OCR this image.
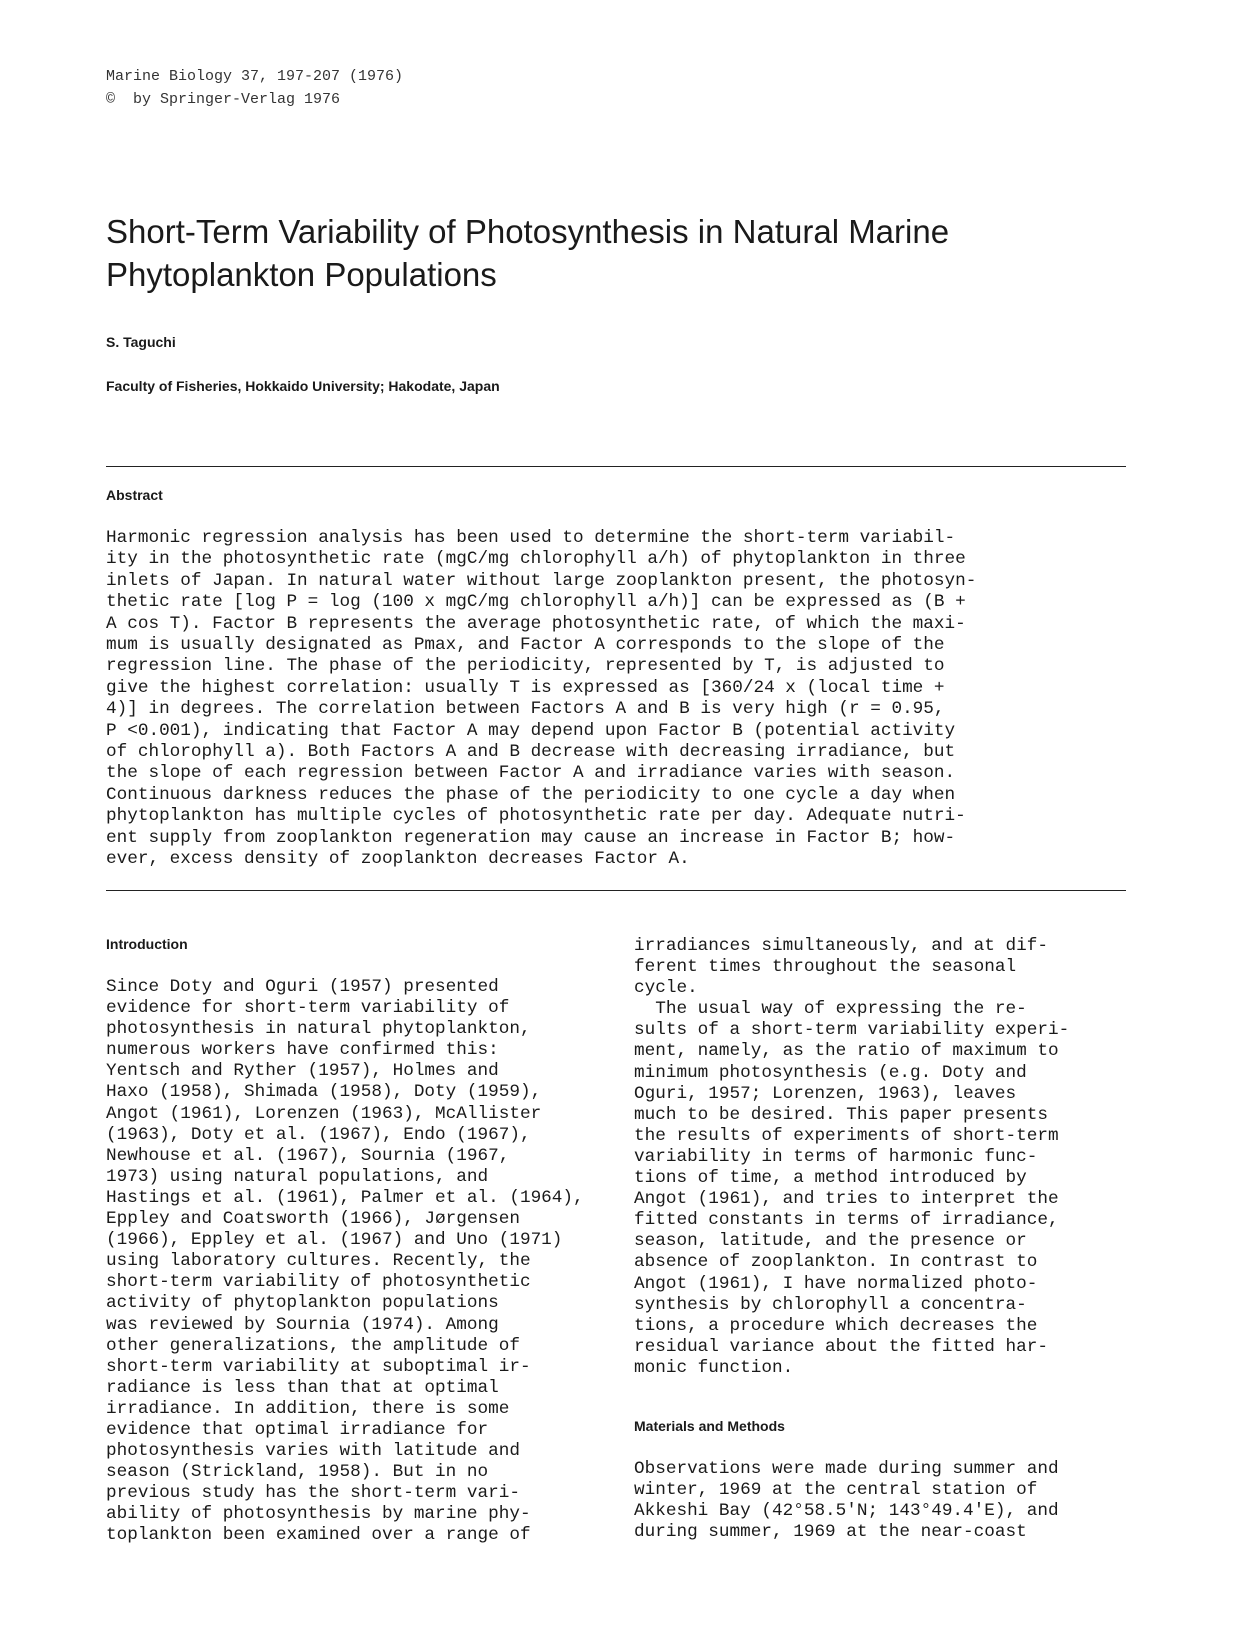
Marine Biology 37, 197-207 (1976)
©  by Springer-Verlag 1976
Short-Term Variability of Photosynthesis in Natural Marine Phytoplankton Populations
S. Taguchi
Faculty of Fisheries, Hokkaido University; Hakodate, Japan
Abstract

Harmonic regression analysis has been used to determine the short-term variabil-
ity in the photosynthetic rate (mgC/mg chlorophyll a/h) of phytoplankton in three
inlets of Japan. In natural water without large zooplankton present, the photosyn-
thetic rate [log P = log (100 x mgC/mg chlorophyll a/h)] can be expressed as (B +
A cos T). Factor B represents the average photosynthetic rate, of which the maxi-
mum is usually designated as Pmax, and Factor A corresponds to the slope of the
regression line. The phase of the periodicity, represented by T, is adjusted to
give the highest correlation: usually T is expressed as [360/24 x (local time +
4)] in degrees. The correlation between Factors A and B is very high (r = 0.95,
P <0.001), indicating that Factor A may depend upon Factor B (potential activity
of chlorophyll a). Both Factors A and B decrease with decreasing irradiance, but
the slope of each regression between Factor A and irradiance varies with season.
Continuous darkness reduces the phase of the periodicity to one cycle a day when
phytoplankton has multiple cycles of photosynthetic rate per day. Adequate nutri-
ent supply from zooplankton regeneration may cause an increase in Factor B; how-
ever, excess density of zooplankton decreases Factor A.

Introduction

Since Doty and Oguri (1957) presented
evidence for short-term variability of
photosynthesis in natural phytoplankton,
numerous workers have confirmed this:
Yentsch and Ryther (1957), Holmes and
Haxo (1958), Shimada (1958), Doty (1959),
Angot (1961), Lorenzen (1963), McAllister
(1963), Doty et al. (1967), Endo (1967),
Newhouse et al. (1967), Sournia (1967,
1973) using natural populations, and
Hastings et al. (1961), Palmer et al. (1964),
Eppley and Coatsworth (1966), Jørgensen
(1966), Eppley et al. (1967) and Uno (1971)
using laboratory cultures. Recently, the
short-term variability of photosynthetic
activity of phytoplankton populations
was reviewed by Sournia (1974). Among
other generalizations, the amplitude of
short-term variability at suboptimal ir-
radiance is less than that at optimal
irradiance. In addition, there is some
evidence that optimal irradiance for
photosynthesis varies with latitude and
season (Strickland, 1958). But in no
previous study has the short-term vari-
ability of photosynthesis by marine phy-
toplankton been examined over a range of

irradiances simultaneously, and at dif-
ferent times throughout the seasonal
cycle.
The usual way of expressing the re-
sults of a short-term variability experi-
ment, namely, as the ratio of maximum to
minimum photosynthesis (e.g. Doty and
Oguri, 1957; Lorenzen, 1963), leaves
much to be desired. This paper presents
the results of experiments of short-term
variability in terms of harmonic func-
tions of time, a method introduced by
Angot (1961), and tries to interpret the
fitted constants in terms of irradiance,
season, latitude, and the presence or
absence of zooplankton. In contrast to
Angot (1961), I have normalized photo-
synthesis by chlorophyll a concentra-
tions, a procedure which decreases the
residual variance about the fitted har-
monic function.

Materials and Methods

Observations were made during summer and
winter, 1969 at the central station of
Akkeshi Bay (42°58.5'N; 143°49.4'E), and
during summer, 1969 at the near-coast
